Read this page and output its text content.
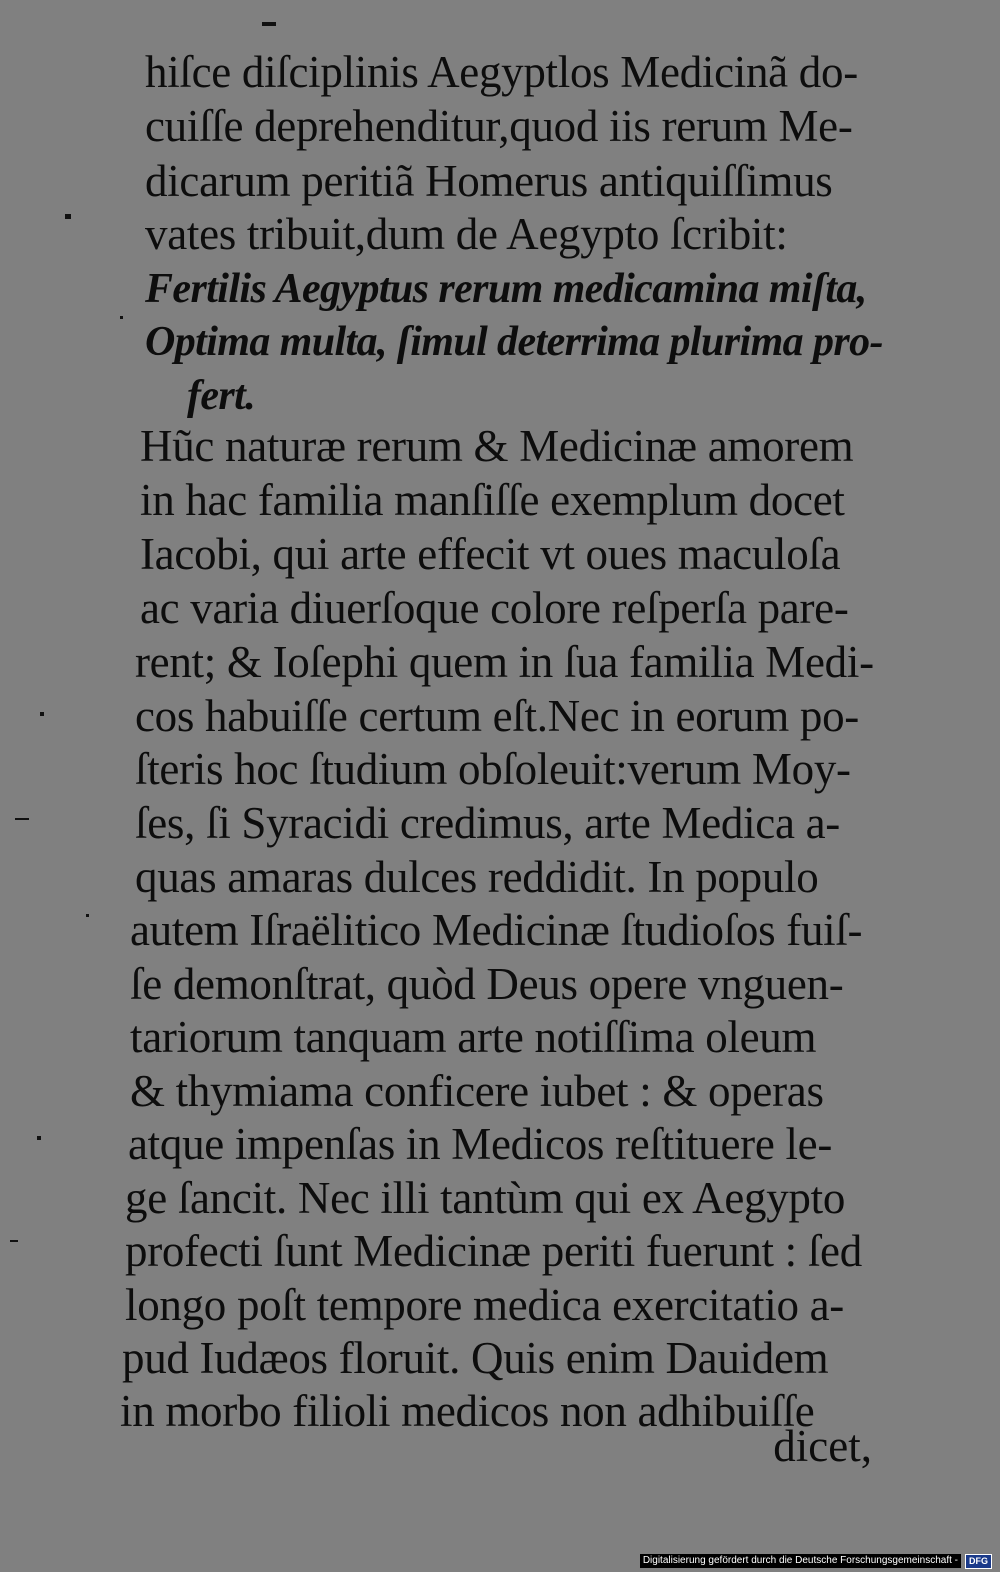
hiſce diſciplinis Aegyptlos Medicinã do-
cuiſſe deprehenditur,quod iis rerum Me-
dicarum peritiã Homerus antiquiſſimus
vates tribuit,dum de Aegypto ſcribit:
Fertilis Aegyptus rerum medicamina miſta,
Optima multa, ſimul deterrima plurima pro-
fert.
Hũc naturæ rerum & Medicinæ amorem
in hac familia manſiſſe exemplum docet
Iacobi, qui arte effecit vt oues maculoſa
ac varia diuerſoque colore reſperſa pare-
rent; & Ioſephi quem in ſua familia Medi-
cos habuiſſe certum eſt.Nec in eorum po-
ſteris hoc ſtudium obſoleuit:verum Moy-
ſes, ſi Syracidi credimus, arte Medica a-
quas amaras dulces reddidit. In populo
autem Iſraëlitico Medicinæ ſtudioſos fuiſ-
ſe demonſtrat, quòd Deus opere vnguen-
tariorum tanquam arte notiſſima oleum
& thymiama conficere iubet : & operas
atque impenſas in Medicos reſtituere le-
ge ſancit. Nec illi tantùm qui ex Aegypto
profecti ſunt Medicinæ periti fuerunt : ſed
longo poſt tempore medica exercitatio a-
pud Iudæos floruit. Quis enim Dauidem
in morbo filioli medicos non adhibuiſſe
dicet,
Digitalisierung gefördert durch die Deutsche Forschungsgemeinschaft -	DFG
